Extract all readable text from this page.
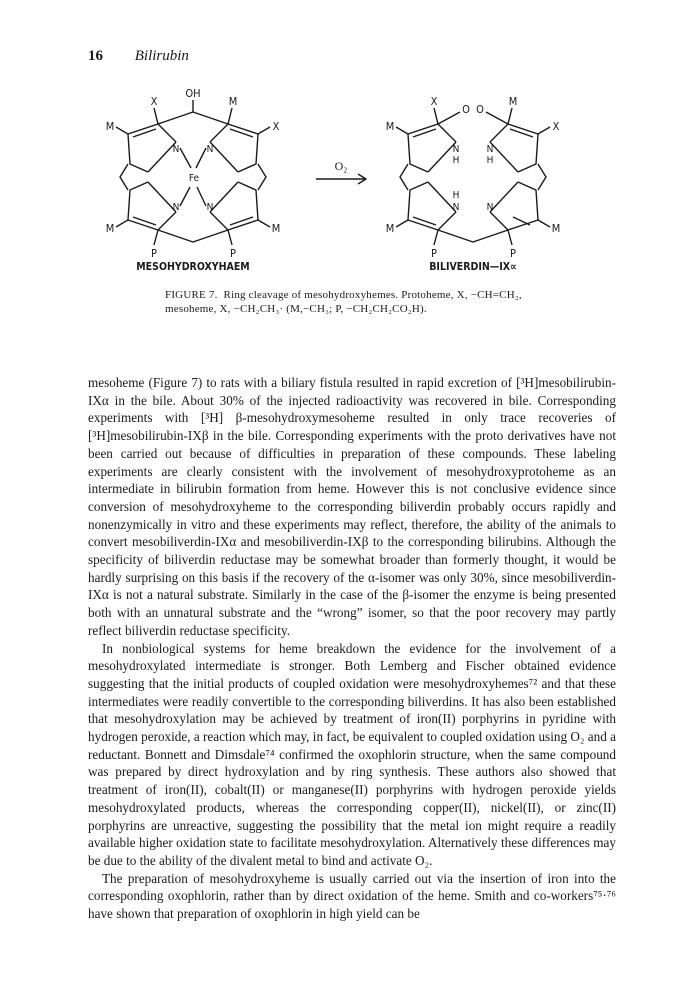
16 Bilirubin
X
OH
M
M	X
M	M
P	P
N	N
N	N
Fe
O₂
X	M
O O
M	X
M	M
P	P
N
H
N
H
H
N	N
MESOHYDROXYHAEM	BILIVERDIN—IX∝
FIGURE 7. Ring cleavage of mesohydroxyhemes. Protoheme, X, −CH=CH₂, mesoheme, X, −CH₂CH₃· (M,−CH₃; P, −CH₂CH₂CO₂H).

mesoheme (Figure 7) to rats with a biliary fistula resulted in rapid excretion of [³H]mesobilirubin-IXα in the bile. About 30% of the injected radioactivity was recovered in bile. Corresponding experiments with [³H] β-mesohydroxymesoheme resulted in only trace recoveries of [³H]mesobilirubin-IXβ in the bile. Corresponding experiments with the proto derivatives have not been carried out because of difficulties in preparation of these compounds. These labeling experiments are clearly consistent with the involvement of mesohydroxyprotoheme as an intermediate in bilirubin formation from heme. However this is not conclusive evidence since conversion of mesohydroxyheme to the corresponding biliverdin probably occurs rapidly and nonenzymically in vitro and these experiments may reflect, therefore, the ability of the animals to convert mesobiliverdin-IXα and mesobiliverdin-IXβ to the corresponding bilirubins. Although the specificity of biliverdin reductase may be somewhat broader than formerly thought, it would be hardly surprising on this basis if the recovery of the α-isomer was only 30%, since mesobiliverdin-IXα is not a natural substrate. Similarly in the case of the β-isomer the enzyme is being presented both with an unnatural substrate and the “wrong” isomer, so that the poor recovery may partly reflect biliverdin reductase specificity.

In nonbiological systems for heme breakdown the evidence for the involvement of a mesohydroxylated intermediate is stronger. Both Lemberg and Fischer obtained evidence suggesting that the initial products of coupled oxidation were mesohydroxyhemes⁷² and that these intermediates were readily convertible to the corresponding biliverdins. It has also been established that mesohydroxylation may be achieved by treatment of iron(II) porphyrins in pyridine with hydrogen peroxide, a reaction which may, in fact, be equivalent to coupled oxidation using O₂ and a reductant. Bonnett and Dimsdale⁷⁴ confirmed the oxophlorin structure, when the same compound was prepared by direct hydroxylation and by ring synthesis. These authors also showed that treatment of iron(II), cobalt(II) or manganese(II) porphyrins with hydrogen peroxide yields mesohydroxylated products, whereas the corresponding copper(II), nickel(II), or zinc(II) porphyrins are unreactive, suggesting the possibility that the metal ion might require a readily available higher oxidation state to facilitate mesohydroxylation. Alternatively these differences may be due to the ability of the divalent metal to bind and activate O₂.

The preparation of mesohydroxyheme is usually carried out via the insertion of iron into the corresponding oxophlorin, rather than by direct oxidation of the heme. Smith and co-workers⁷⁵·⁷⁶ have shown that preparation of oxophlorin in high yield can be
